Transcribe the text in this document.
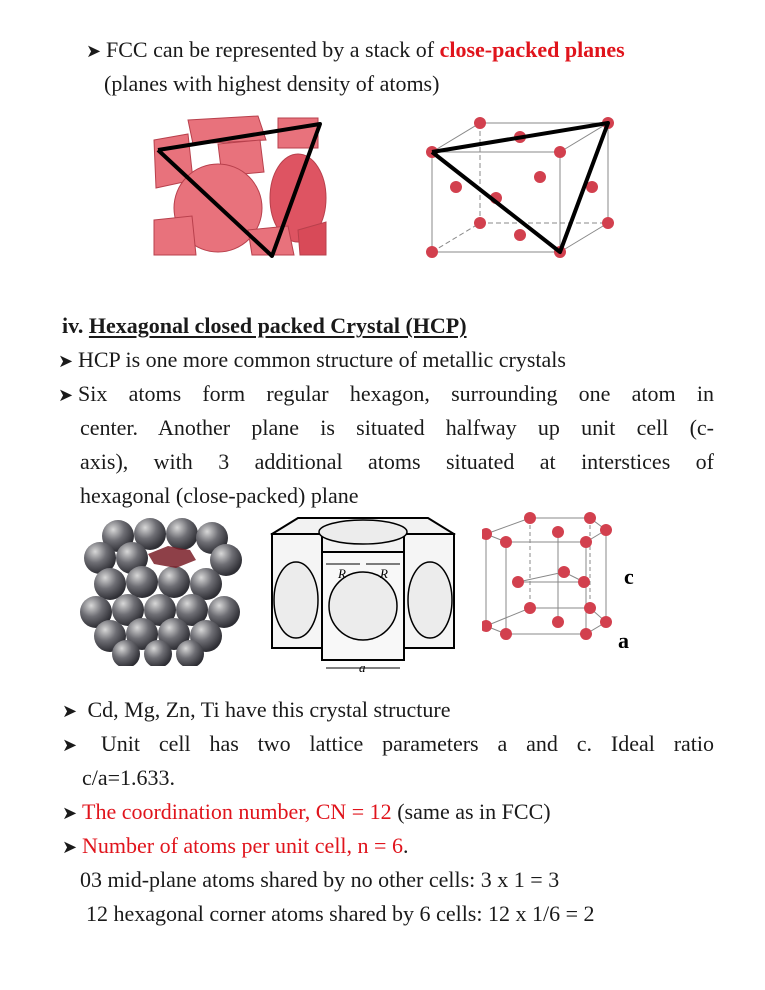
➤ FCC can be represented by a stack of close-packed planes
(planes with highest density of atoms)
iv. Hexagonal closed packed Crystal (HCP)
➤ HCP is one more common structure of metallic crystals
➤ Six atoms form regular hexagon, surrounding one atom in
center. Another plane is situated halfway up unit cell (c-
axis), with 3 additional atoms situated at interstices of
hexagonal (close-packed) plane
R	R
a
c
a
➤ Cd, Mg, Zn, Ti have this crystal structure
➤ Unit cell has two lattice parameters a and c. Ideal ratio
c/a=1.633.
➤ The coordination number, CN = 12 (same as in FCC)
➤ Number of atoms per unit cell, n = 6.
03 mid-plane atoms shared by no other cells: 3 x 1 = 3
12 hexagonal corner atoms shared by 6 cells: 12 x 1/6 = 2
